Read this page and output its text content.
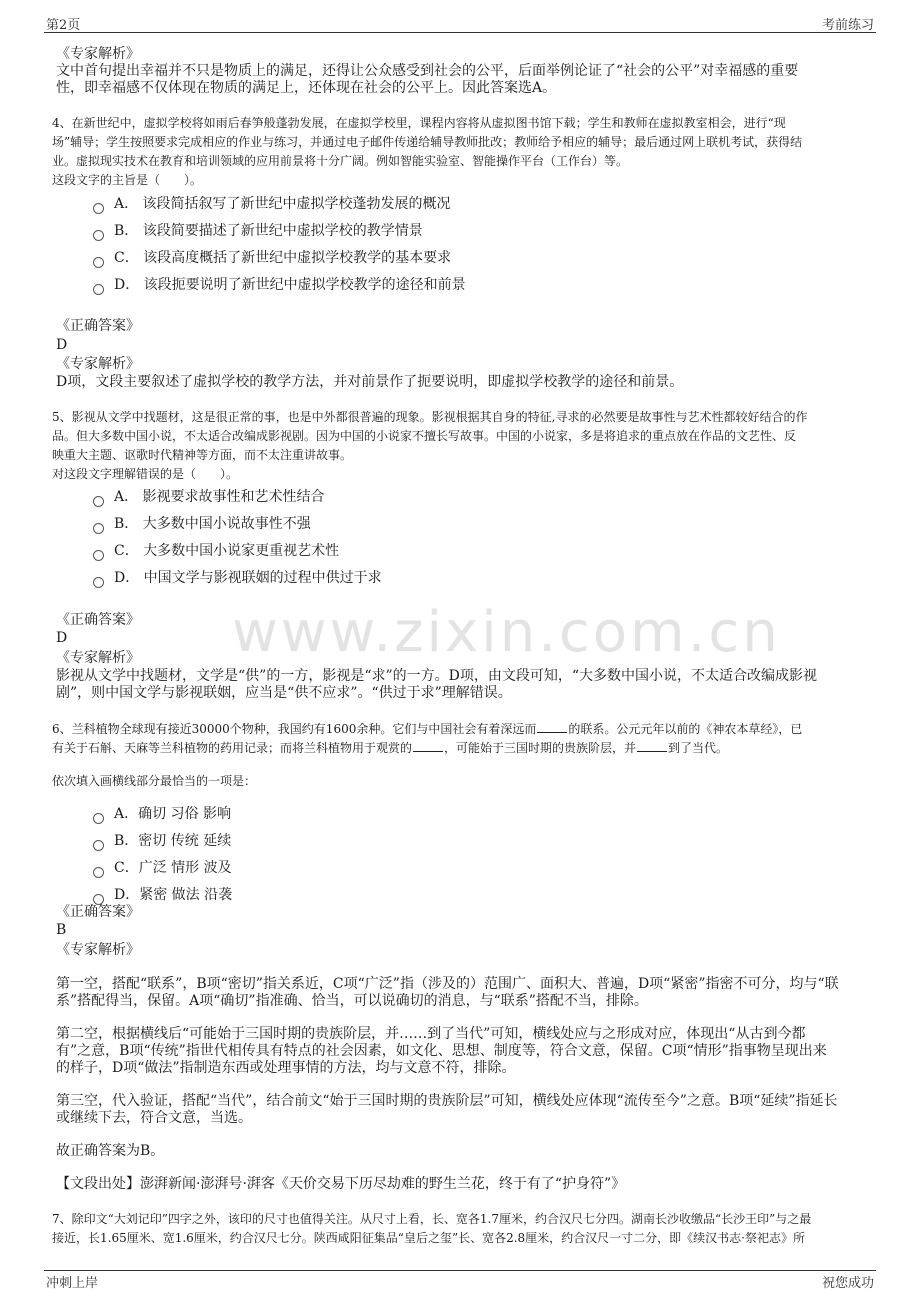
第2页	考前练习
www.zixin.com.cn
《专家解析》
文中首句提出幸福并不只是物质上的满足，还得让公众感受到社会的公平，后面举例论证了“社会的公平”对幸福感的重要
性，即幸福感不仅体现在物质的满足上，还体现在社会的公平上。因此答案选A。
4、在新世纪中，虚拟学校将如雨后春笋般蓬勃发展，在虚拟学校里，课程内容将从虚拟图书馆下载；学生和教师在虚拟教室相会，进行“现
场”辅导；学生按照要求完成相应的作业与练习，并通过电子邮件传递给辅导教师批改；教师给予相应的辅导；最后通过网上联机考试，获得结
业。虚拟现实技术在教育和培训领域的应用前景将十分广阔。例如智能实验室、智能操作平台（工作台）等。
这段文字的主旨是（　　）。
A． 该段简括叙写了新世纪中虚拟学校蓬勃发展的概况
B． 该段简要描述了新世纪中虚拟学校的教学情景
C． 该段高度概括了新世纪中虚拟学校教学的基本要求
D． 该段扼要说明了新世纪中虚拟学校教学的途径和前景
《正确答案》
D
《专家解析》
D项，文段主要叙述了虚拟学校的教学方法，并对前景作了扼要说明，即虚拟学校教学的途径和前景。
5、影视从文学中找题材，这是很正常的事，也是中外都很普遍的现象。影视根据其自身的特征,寻求的必然要是故事性与艺术性都较好结合的作
品。但大多数中国小说，不太适合改编成影视剧。因为中国的小说家不擅长写故事。中国的小说家，多是将追求的重点放在作品的文艺性、反
映重大主题、讴歌时代精神等方面，而不太注重讲故事。
对这段文字理解错误的是（　　）。
A． 影视要求故事性和艺术性结合
B． 大多数中国小说故事性不强
C． 大多数中国小说家更重视艺术性
D． 中国文学与影视联姻的过程中供过于求
《正确答案》
D
《专家解析》
影视从文学中找题材，文学是“供”的一方，影视是“求”的一方。D项，由文段可知，“大多数中国小说，不太适合改编成影视
剧”，则中国文学与影视联姻，应当是“供不应求”。“供过于求”理解错误。
6、兰科植物全球现有接近30000个物种，我国约有1600余种。它们与中国社会有着深远而	的联系。公元元年以前的《神农本草经》，已
有关于石斛、天麻等兰科植物的药用记录；而将兰科植物用于观赏的	，可能始于三国时期的贵族阶层，并	到了当代。
依次填入画横线部分最恰当的一项是：
A．确切 习俗 影响
B．密切 传统 延续
C．广泛 情形 波及
D．紧密 做法 沿袭
《正确答案》
B
《专家解析》
第一空，搭配“联系”，B项“密切”指关系近，C项“广泛”指（涉及的）范围广、面积大、普遍，D项“紧密”指密不可分，均与“联
系”搭配得当，保留。A项“确切”指准确、恰当，可以说确切的消息，与“联系”搭配不当，排除。
第二空，根据横线后“可能始于三国时期的贵族阶层，并……到了当代”可知，横线处应与之形成对应，体现出“从古到今都
有”之意，B项“传统”指世代相传具有特点的社会因素，如文化、思想、制度等，符合文意，保留。C项“情形”指事物呈现出来
的样子，D项“做法”指制造东西或处理事情的方法，均与文意不符，排除。
第三空，代入验证，搭配“当代”，结合前文“始于三国时期的贵族阶层”可知，横线处应体现“流传至今”之意。B项“延续”指延长
或继续下去，符合文意，当选。
故正确答案为B。
【文段出处】澎湃新闻·澎湃号·湃客《天价交易下历尽劫难的野生兰花，终于有了“护身符”》
7、除印文“大刘记印”四字之外，该印的尺寸也值得关注。从尺寸上看，长、宽各1.7厘米，约合汉尺七分四。湖南长沙收缴品“长沙王印”与之最
接近，长1.65厘米、宽1.6厘米，约合汉尺七分。陕西咸阳征集品“皇后之玺”长、宽各2.8厘米，约合汉尺一寸二分，即《续汉书志·祭祀志》所
冲刺上岸	祝您成功
